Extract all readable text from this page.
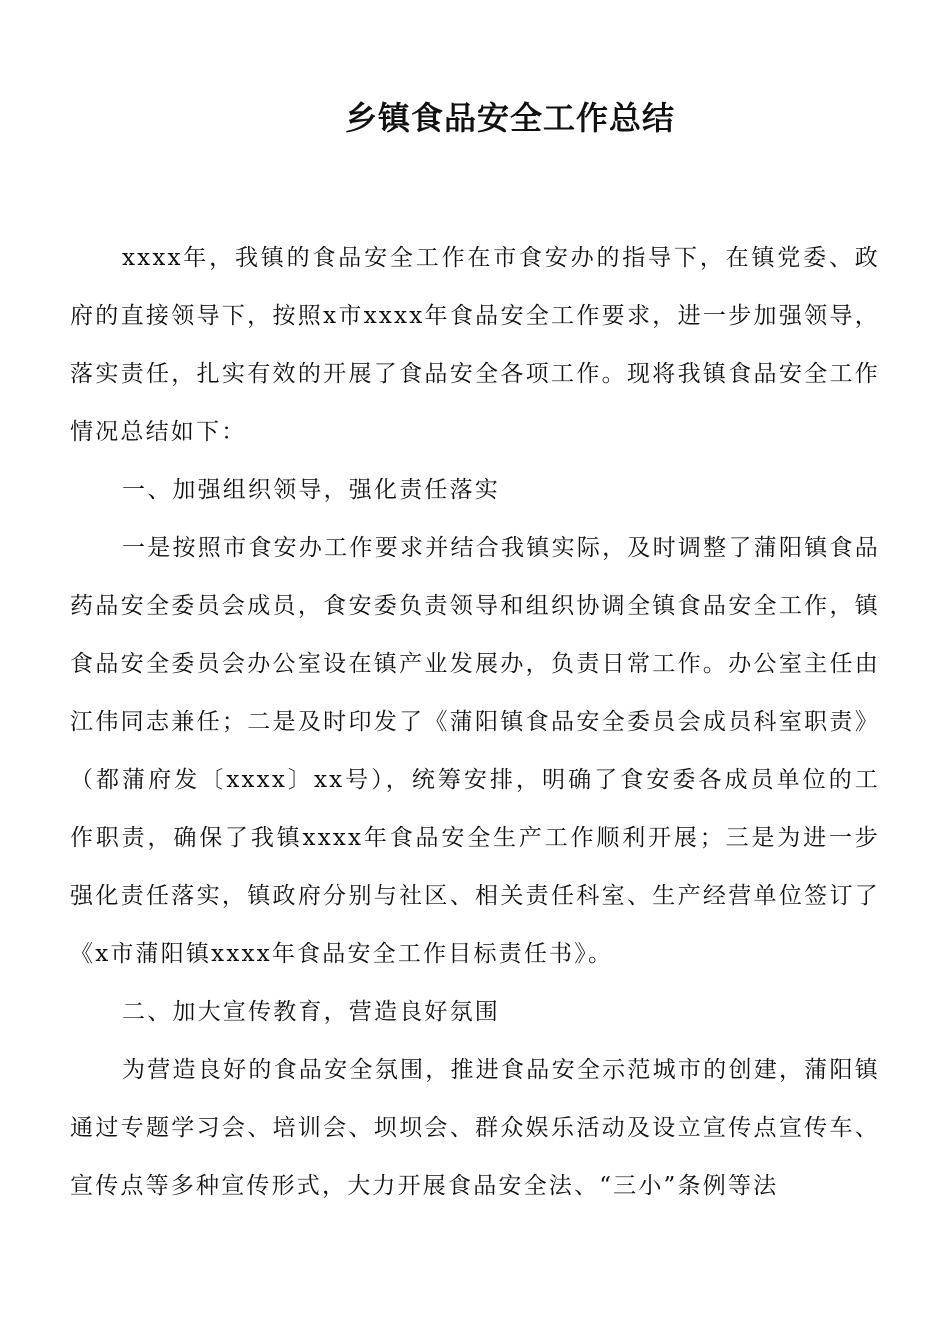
乡镇食品安全工作总结

xxxx年，我镇的食品安全工作在市食安办的指导下，在镇党委、政府的直接领导下，按照x市xxxx年食品安全工作要求，进一步加强领导，落实责任，扎实有效的开展了食品安全各项工作。现将我镇食品安全工作情况总结如下：

一、加强组织领导，强化责任落实

一是按照市食安办工作要求并结合我镇实际，及时调整了蒲阳镇食品药品安全委员会成员，食安委负责领导和组织协调全镇食品安全工作，镇食品安全委员会办公室设在镇产业发展办，负责日常工作。办公室主任由江伟同志兼任；二是及时印发了《蒲阳镇食品安全委员会成员科室职责》（都蒲府发〔xxxx〕xx号），统筹安排，明确了食安委各成员单位的工作职责，确保了我镇xxxx年食品安全生产工作顺利开展；三是为进一步强化责任落实，镇政府分别与社区、相关责任科室、生产经营单位签订了《x市蒲阳镇xxxx年食品安全工作目标责任书》。

二、加大宣传教育，营造良好氛围

为营造良好的食品安全氛围，推进食品安全示范城市的创建，蒲阳镇通过专题学习会、培训会、坝坝会、群众娱乐活动及设立宣传点宣传车、宣传点等多种宣传形式，大力开展食品安全法、“三小”条例等法
